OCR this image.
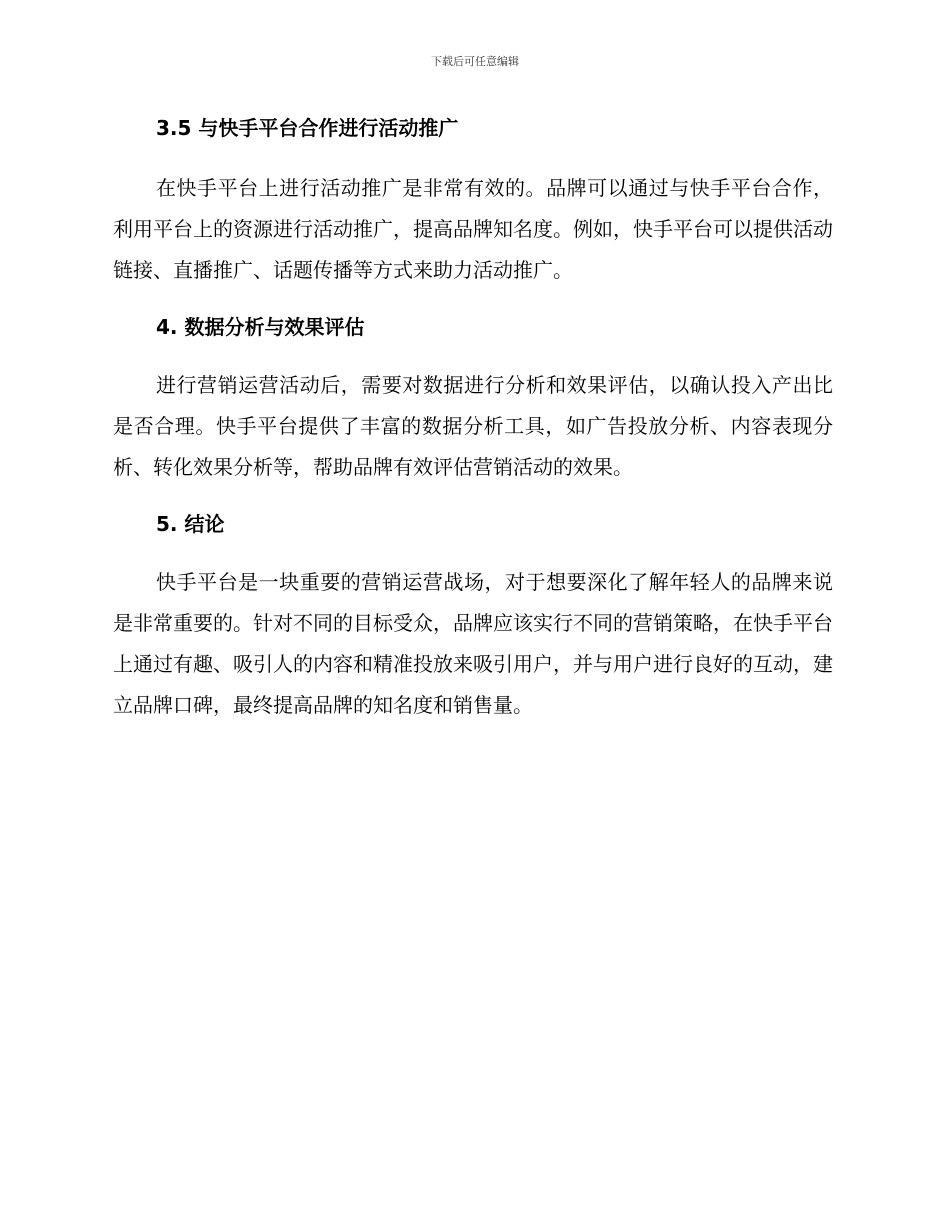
下载后可任意编辑
3.5 与快手平台合作进行活动推广

在快手平台上进行活动推广是非常有效的。品牌可以通过与快手平台合作，利用平台上的资源进行活动推广，提高品牌知名度。例如，快手平台可以提供活动链接、直播推广、话题传播等方式来助力活动推广。

4. 数据分析与效果评估

进行营销运营活动后，需要对数据进行分析和效果评估，以确认投入产出比是否合理。快手平台提供了丰富的数据分析工具，如广告投放分析、内容表现分析、转化效果分析等，帮助品牌有效评估营销活动的效果。

5. 结论

快手平台是一块重要的营销运营战场，对于想要深化了解年轻人的品牌来说是非常重要的。针对不同的目标受众，品牌应该实行不同的营销策略，在快手平台上通过有趣、吸引人的内容和精准投放来吸引用户，并与用户进行良好的互动，建立品牌口碑，最终提高品牌的知名度和销售量。
